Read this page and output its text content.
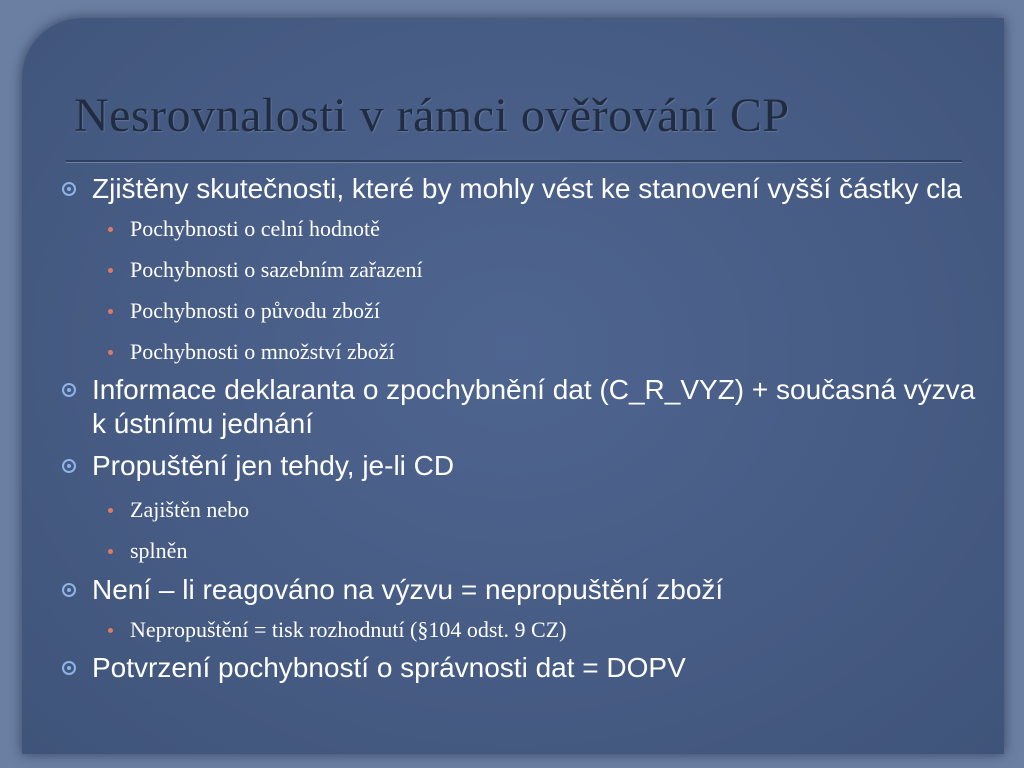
Nesrovnalosti v rámci ověřování CP
Zjištěny skutečnosti, které by mohly vést ke stanovení vyšší částky cla
Pochybnosti o celní hodnotě
Pochybnosti o sazebním zařazení
Pochybnosti o původu zboží
Pochybnosti o množství zboží
Informace deklaranta o zpochybnění dat (C_R_VYZ) + současná výzva k ústnímu jednání
Propuštění jen tehdy, je-li CD
Zajištěn nebo
splněn
Není – li reagováno na výzvu = nepropuštění zboží
Nepropuštění = tisk rozhodnutí (§104 odst. 9 CZ)
Potvrzení pochybností o správnosti dat = DOPV
